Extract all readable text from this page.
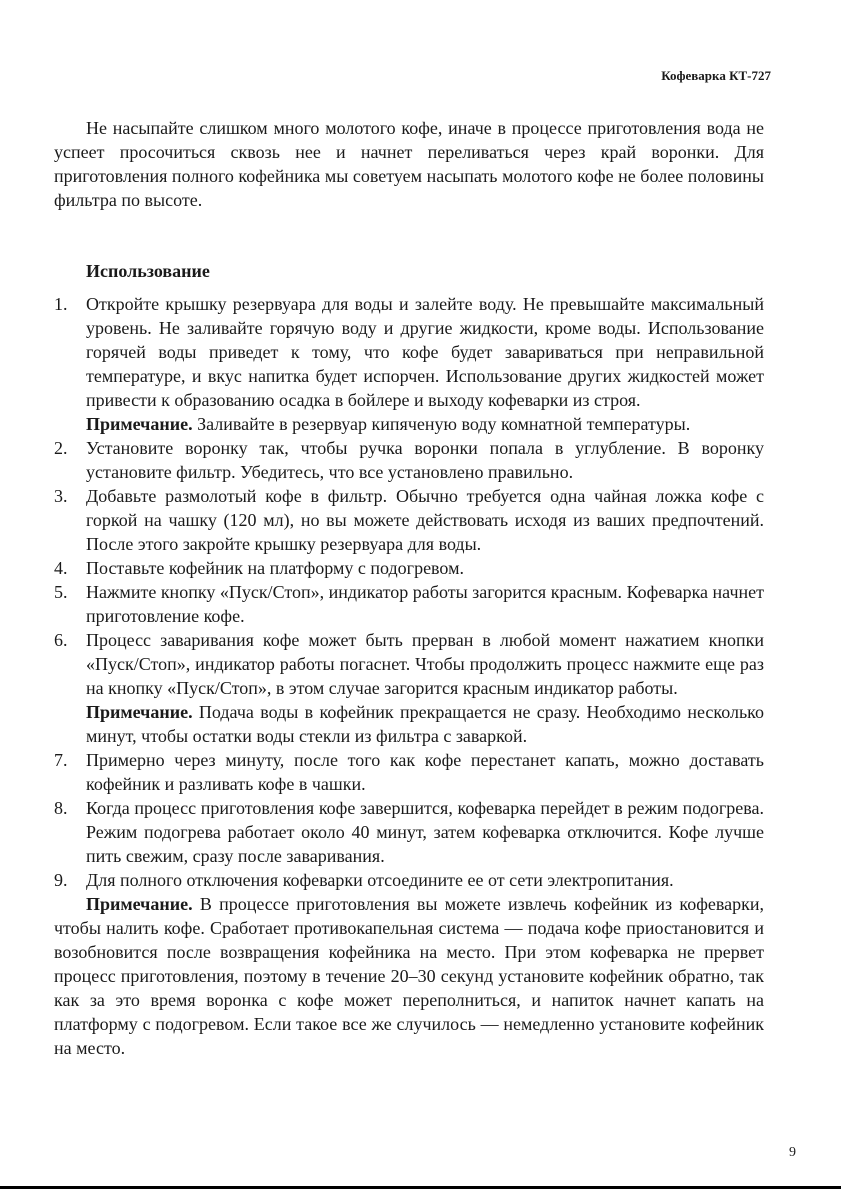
Кофеварка КТ-727

Не насыпайте слишком много молотого кофе, иначе в процессе приготовления вода не успеет просочиться сквозь нее и начнет переливаться через край воронки. Для приготовления полного кофейника мы советуем насыпать молотого кофе не более половины фильтра по высоте.

Использование
1. Откройте крышку резервуара для воды и залейте воду. Не превышайте максимальный уровень. Не заливайте горячую воду и другие жидкости, кроме воды. Использование горячей воды приведет к тому, что кофе будет завариваться при неправильной температуре, и вкус напитка будет испорчен. Использование других жидкостей может привести к образованию осадка в бойлере и выходу кофеварки из строя.
Примечание. Заливайте в резервуар кипяченую воду комнатной температуры.
2. Установите воронку так, чтобы ручка воронки попала в углубление. В воронку установите фильтр. Убедитесь, что все установлено правильно.
3. Добавьте размолотый кофе в фильтр. Обычно требуется одна чайная ложка кофе с горкой на чашку (120 мл), но вы можете действовать исходя из ваших предпочтений. После этого закройте крышку резервуара для воды.
4. Поставьте кофейник на платформу с подогревом.
5. Нажмите кнопку «Пуск/Стоп», индикатор работы загорится красным. Кофеварка начнет приготовление кофе.
6. Процесс заваривания кофе может быть прерван в любой момент нажатием кнопки «Пуск/Стоп», индикатор работы погаснет. Чтобы продолжить процесс нажмите еще раз на кнопку «Пуск/Стоп», в этом случае загорится красным индикатор работы.
Примечание. Подача воды в кофейник прекращается не сразу. Необходимо несколько минут, чтобы остатки воды стекли из фильтра с заваркой.
7. Примерно через минуту, после того как кофе перестанет капать, можно доставать кофейник и разливать кофе в чашки.
8. Когда процесс приготовления кофе завершится, кофеварка перейдет в режим подогрева. Режим подогрева работает около 40 минут, затем кофеварка отключится. Кофе лучше пить свежим, сразу после заваривания.
9. Для полного отключения кофеварки отсоедините ее от сети электропитания.

Примечание. В процессе приготовления вы можете извлечь кофейник из кофеварки, чтобы налить кофе. Сработает противокапельная система — подача кофе приостановится и возобновится после возвращения кофейника на место. При этом кофеварка не прервет процесс приготовления, поэтому в течение 20–30 секунд установите кофейник обратно, так как за это время воронка с кофе может переполниться, и напиток начнет капать на платформу с подогревом. Если такое все же случилось — немедленно установите кофейник на место.

9
